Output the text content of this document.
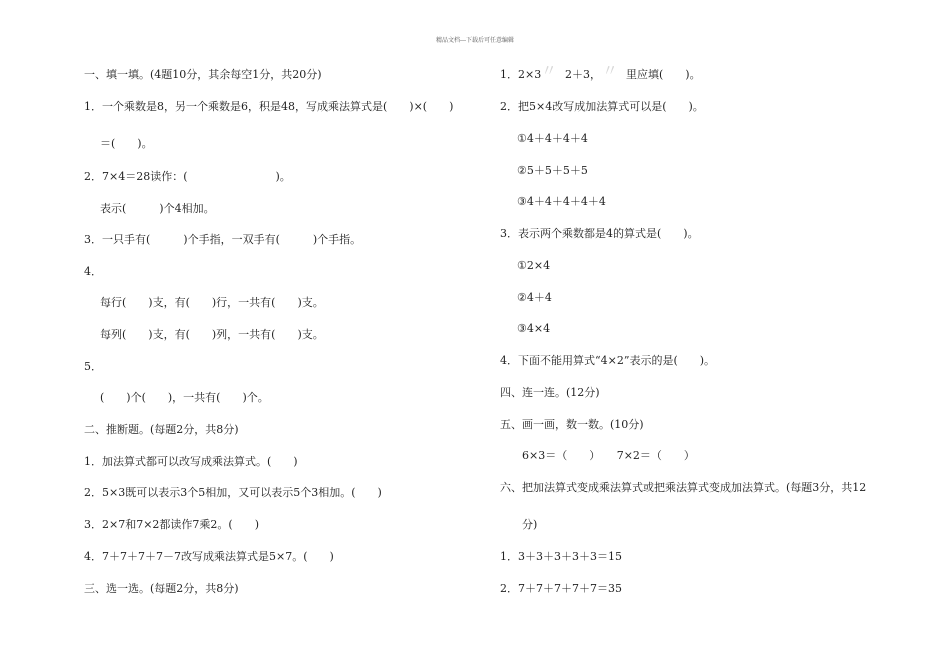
精品文档---下载后可任意编辑
一、填一填。(4题10分，其余每空1分，共20分)
1．一个乘数是8，另一个乘数是6，积是48，写成乘法算式是(　　)×(　　)
＝(　　)。
2．7×4＝28读作：(　　　　　　　　)。
表示(　　　)个4相加。
3．一只手有(　　　)个手指，一双手有(　　　)个手指。
4．
每行(　　)支，有(　　)行，一共有(　　)支。
每列(　　)支，有(　　)列，一共有(　　)支。
5．
(　　)个(　　)，一共有(　　)个。
二、推断题。(每题2分，共8分)
1．加法算式都可以改写成乘法算式。(　　)
2．5×3既可以表示3个5相加，又可以表示5个3相加。(　　)
3．2×7和7×2都读作7乘2。(　　)
4．7＋7＋7＋7－7改写成乘法算式是5×7。(　　)
三、选一选。(每题2分，共8分)
1．2×3 〃 2＋3， 〃 里应填(　　)。
2．把5×4改写成加法算式可以是(　　)。
①4＋4＋4＋4
②5＋5＋5＋5
③4＋4＋4＋4＋4
3．表示两个乘数都是4的算式是(　　)。
①2×4
②4＋4
③4×4
4．下面不能用算式“4×2”表示的是(　　)。
四、连一连。(12分)
五、画一画，数一数。(10分)
6×3＝（　　）　　7×2＝（　　）
六、把加法算式变成乘法算式或把乘法算式变成加法算式。(每题3分，共12
分)
1．3＋3＋3＋3＋3＝15
2．7＋7＋7＋7＋7＝35
